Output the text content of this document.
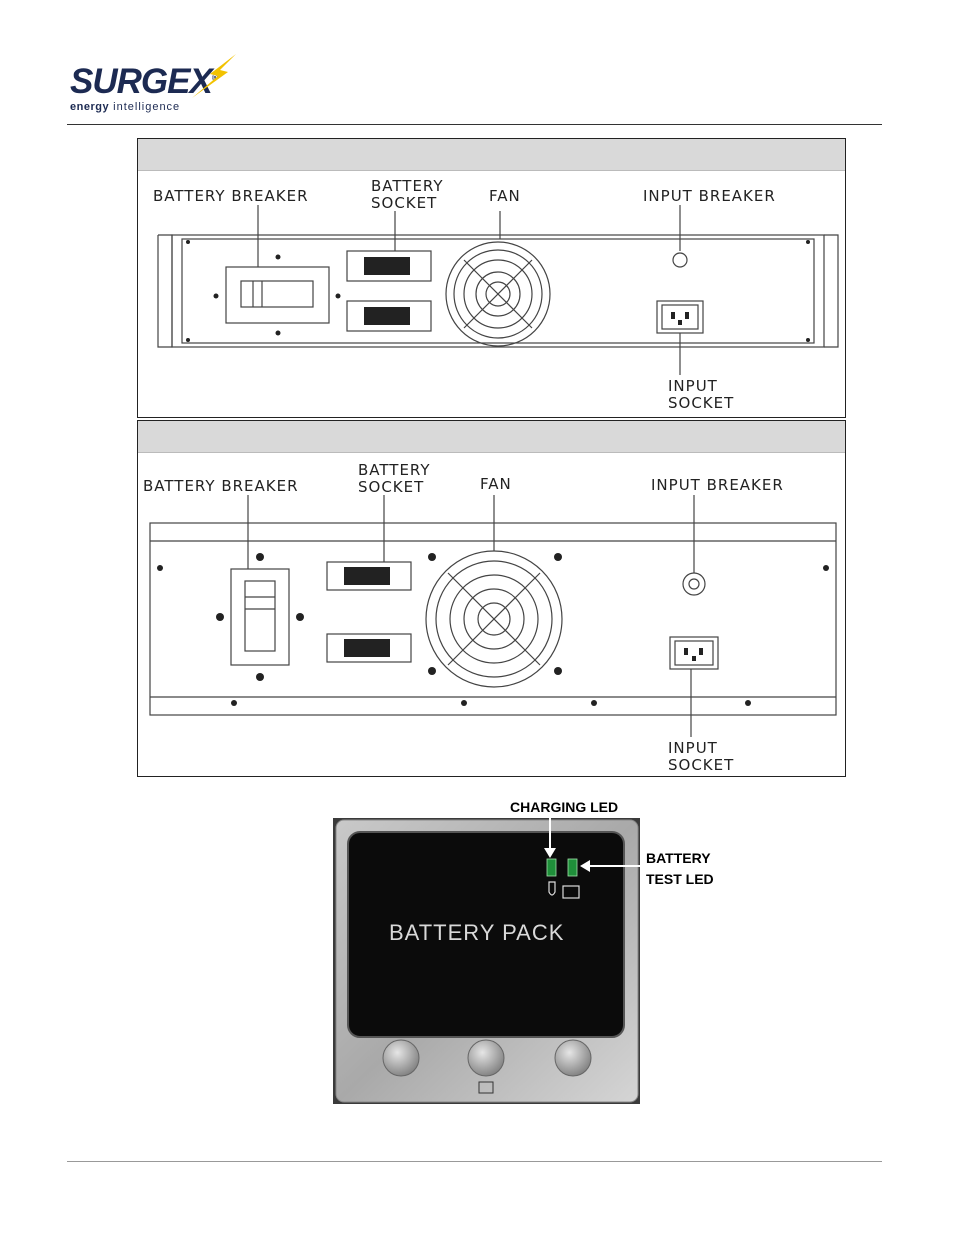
SURGEX®
energy intelligence
BATTERY BREAKER
BATTERY
SOCKET	FAN	INPUT BREAKER
INPUT
SOCKET
BATTERY BREAKER
BATTERY
SOCKET	FAN	INPUT BREAKER
INPUT
SOCKET
BATTERY PACK
CHARGING LED
BATTERY
TEST LED
